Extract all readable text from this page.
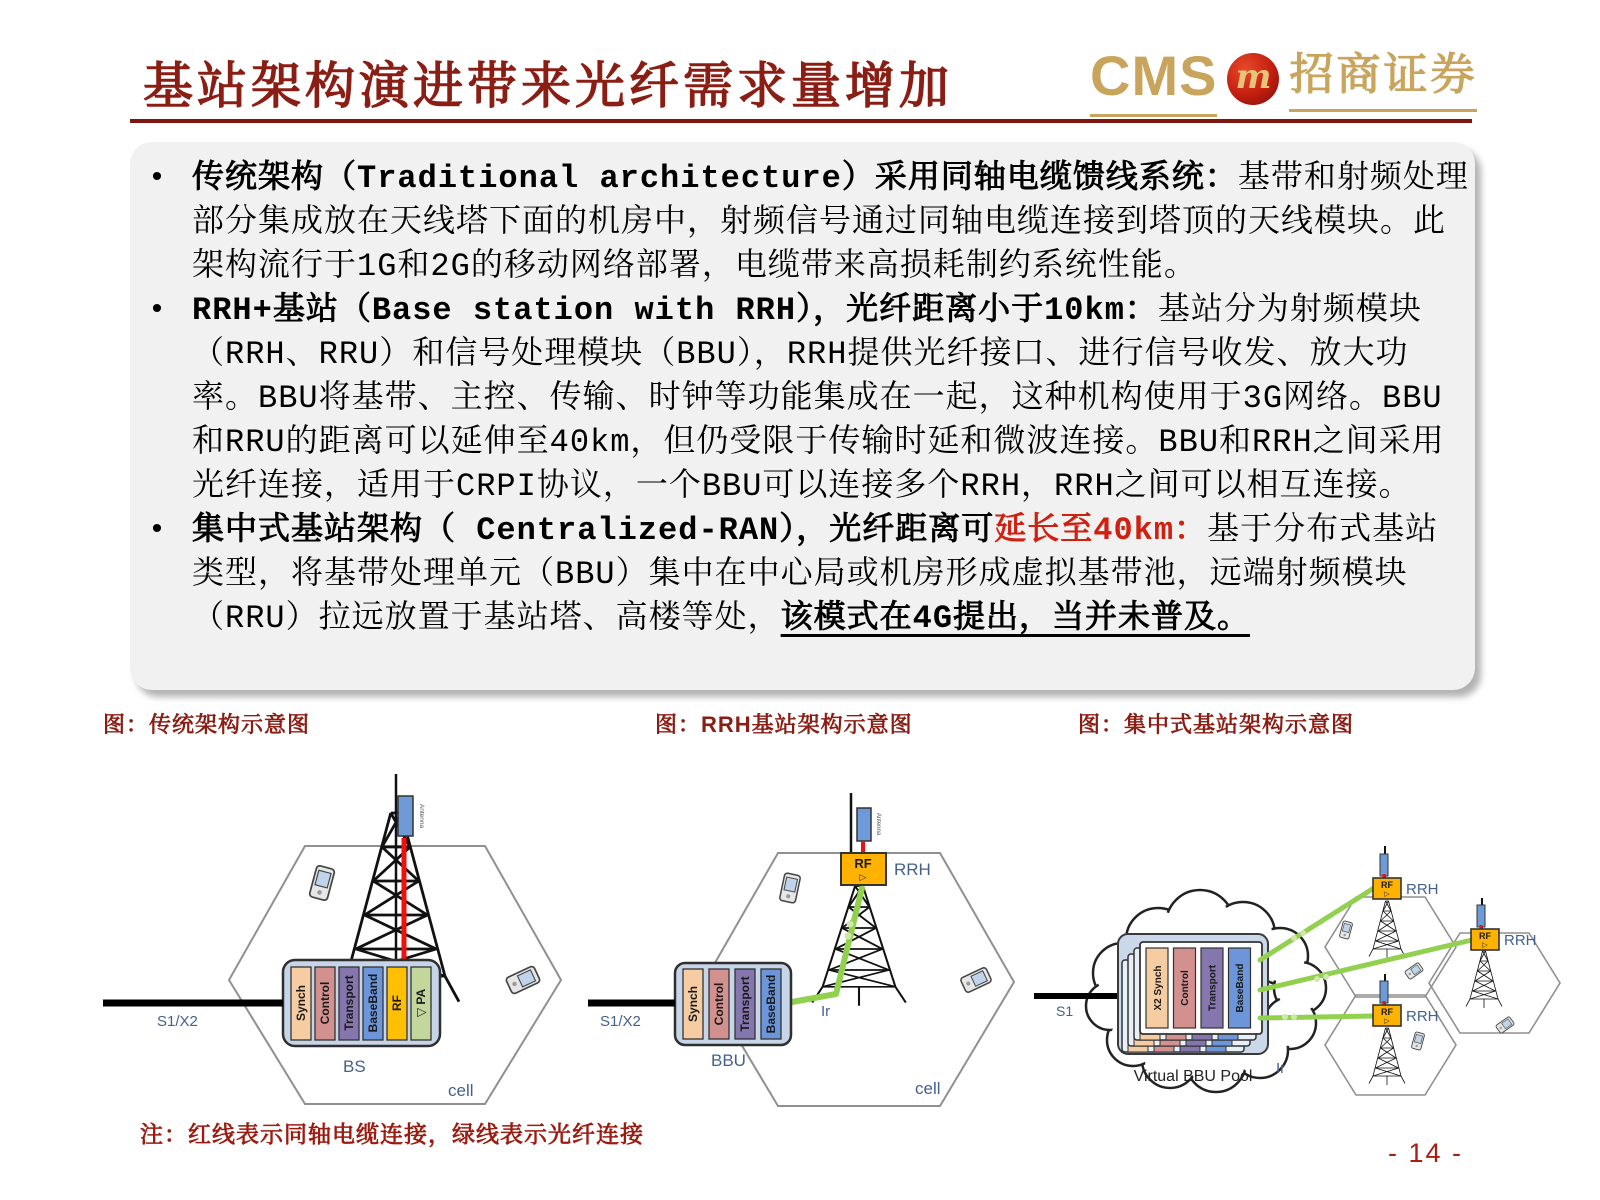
基站架构演进带来光纤需求量增加 CMS m 招商证券
• 传统架构（Traditional architecture）采用同轴电缆馈线系统：基带和射频处理部分集成放在天线塔下面的机房中，射频信号通过同轴电缆连接到塔顶的天线模块。此架构流行于1G和2G的移动网络部署，电缆带来高损耗制约系统性能。
• RRH+基站（Base station with RRH），光纤距离小于10km：基站分为射频模块（RRH、RRU）和信号处理模块（BBU），RRH提供光纤接口、进行信号收发、放大功率。BBU将基带、主控、传输、时钟等功能集成在一起，这种机构使用于3G网络。BBU和RRU的距离可以延伸至40km，但仍受限于传输时延和微波连接。BBU和RRH之间采用光纤连接，适用于CRPI协议，一个BBU可以连接多个RRH，RRH之间可以相互连接。
• 集中式基站架构（ Centralized-RAN），光纤距离可延长至40km：基于分布式基站类型，将基带处理单元（BBU）集中在中心局或机房形成虚拟基带池，远端射频模块（RRU）拉远放置于基站塔、高楼等处，该模式在4G提出，当并未普及。
图：传统架构示意图	图：RRH基站架构示意图	图：集中式基站架构示意图
Antenna
Synch Control Transport BaseBand RF ▽ PA
S1/X2
BS
cell
Antenna
Synch Control Transport BaseBand
RF
▷
S1/X2
RRH
Ir
BBU
cell
X2 Synch Control Transport BaseBand
RF
▷
RF
▷
RF
▷
RRH
RRH
RRH
S1
Ir
Virtual BBU Pool
注：红线表示同轴电缆连接，绿线表示光纤连接
- 14 -
